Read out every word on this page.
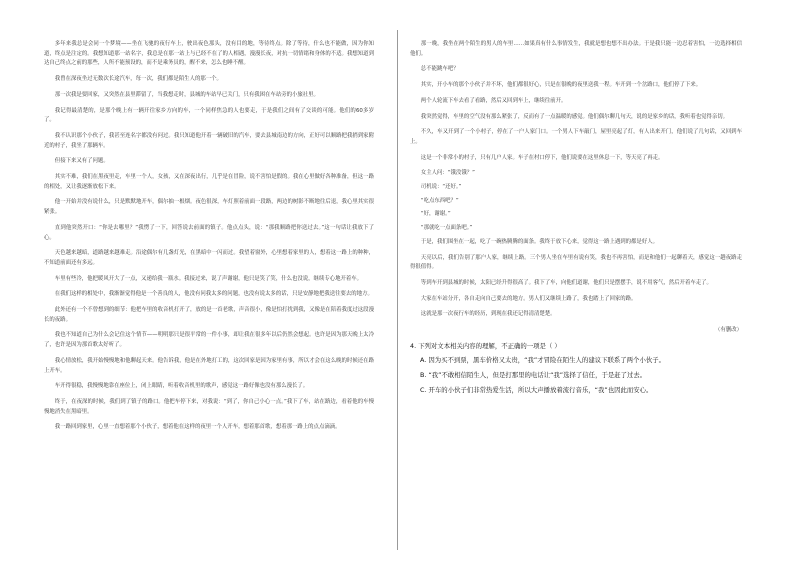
多年来我总是会同一个梦境——坐在飞驰的夜行车上，驶出夜色那头，没有目的地，等待终点。除了等待，什么也不能做，因为你知道，终点是注定的。我想知道那一站名字，我总是在那一站上与已经不在了的人相遇，漫漫长夜，对抗一切情绪和身体的不适。我想知道到达自己终点之前的那些，人所不能预设的，而不是乘务员的，醒不来，怎么也睡不醒。

我曾在深夜坐过无数次长途汽车，每一次，我们都是陌生人的那一个。

那一次我是要回家，又突然在县里滞留了，当我想走时，县城的车站早已关门，只有我困在车站旁的小旅社里。

我记得最清楚的，是那个晚上有一辆开往家乡方向的车，一个同样焦急的人也要走，于是我们之间有了交谈的可能。他们的60多岁了。

我不认识那个小伙子，我甚至连名字都没有问过。我只知道他开着一辆破旧的汽车，要去县城南边的方向，正好可以顺路把我捎到家附近的村子，我坐了那辆车。

但接下来又有了问题。

其实不难，我们在黑夜里走，车里一个人，女孩，又在深夜出行，几乎是在冒险，说不害怕是假的。我在心里做好各种准备，但这一路的相处，又让我逐渐放松下来。

他一开始并没有说什么，只是默默地开车，偶尔抽一根烟。夜色很深，车灯照着前面一段路，两边的树影不断地往后退，我心里其实很紧张。

直到他突然开口：“你是去哪里？”我愣了一下，回答说去前面的镇子。他点点头，说：“那我顺路把你送过去。”这一句话让我放下了心。

天色越来越暗，道路越来越难走。沿途偶尔有几盏灯光，在黑暗中一闪而过。我望着窗外，心里想着家里的人，想着这一路上的种种，不知道前面还有多远。

车里有些冷，他把暖风开大了一点，又递给我一瓶水。我接过来，说了声谢谢，他只是笑了笑，什么也没说，继续专心地开着车。

在我们这样的相处中，我渐渐觉得他是一个善良的人，他没有问我太多的问题，也没有说太多的话，只是安静地把我送往要去的地方。

此外还有一个不曾想到的细节：他把车里的收音机打开了，放的是一首老歌，声音很小，像是怕打扰到我，又像是在陪着我度过这段漫长的夜路。

我也不知道自己为什么会记住这个情节——明明那只是很平常的一件小事，却让我在很多年以后仍然会想起。也许是因为那天晚上太冷了，也许是因为那首歌太好听了。

我心情放松，我开始慢慢地和他聊起天来。他告诉我，他是在外地打工的，这次回家是因为家里有事，所以才会在这么晚的时候还在路上开车。

车开得很稳，我慢慢地靠在座位上，闭上眼睛，听着收音机里的歌声，感觉这一路好像也没有那么漫长了。

终于，在夜深的时候，我们到了镇子的路口。他把车停下来，对我说：“到了，你自己小心一点。”我下了车，站在路边，看着他的车慢慢地消失在黑暗里。

我一路回到家里，心里一直想着那个小伙子，想着他在这样的夜里一个人开车，想着那首歌，想着那一路上的点点滴滴。

那一晚，我坐在两个陌生的男人的车里……如果真有什么事情发生，我就是想也想不出办法。于是我只能一边忍着害怕，一边选择相信他们。

总不能跳车吧？

其实，开小车的那个小伙子并不坏，他们都很好心，只是在很晚的夜里送我一程。车开到一个岔路口，他们停了下来。

两个人轮流下车去看了看路，然后又回到车上，继续往前开。

我突然觉得，车里的空气没有那么紧张了，反而有了一点温暖的感觉。他们偶尔聊几句天，说的是家乡的话，我听着也觉得亲切。

不久，车又开到了一个小村子，停在了一户人家门口。一个男人下车敲门，屋里亮起了灯，有人出来开门，他们说了几句话，又回到车上。

这是一个非常小的村子，只有几户人家。车子在村口停下，他们说要在这里休息一下，等天亮了再走。

女主人问：“饿没饿？”

司机说：“还好。”

“吃点东西吧？”

“好，谢谢。”

“那就吃一点面条吧。”

于是，我们围坐在一起，吃了一碗热腾腾的面条。我终于放下心来，觉得这一路上遇到的都是好人。

天亮以后，我们告别了那户人家，继续上路。三个男人坐在车里有说有笑，我也不再害怕，而是和他们一起聊着天，感觉这一趟夜路走得很值得。

等到车开到县城的时候，太阳已经升得很高了。我下了车，向他们道谢，他们只是摆摆手，说不用客气，然后开着车走了。

大家在车站分开，各自走向自己要去的地方。男人们又继续上路了，我也踏上了回家的路。

这就是那一次夜行车的经历，到现在我还记得清清楚楚。

（有删改）
4. 下列对文本相关内容的理解，不正确的一项是（ ）
A. 因为买不到票，黑车价格又太贵，“我”才冒险在陌生人的建议下联系了两个小伙子。
B. “我”不敢相信陌生人，但是打那里的电话让“我”选择了信任，于是赶了过去。
C. 开车的小伙子们非常热爱生活，所以大声播放着流行音乐，“我”也因此而安心。
